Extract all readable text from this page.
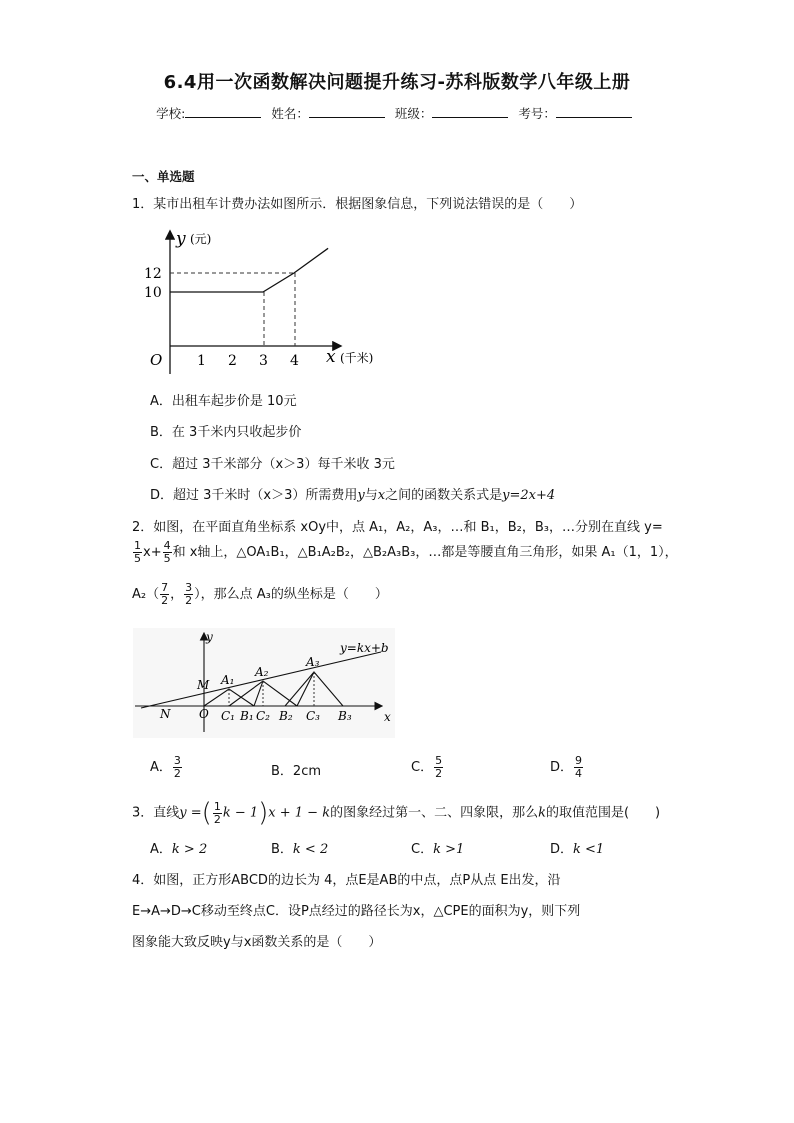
6.4用一次函数解决问题提升练习-苏科版数学八年级上册
学校:	姓名：	班级：	考号：
一、单选题
1．某市出租车计费办法如图所示．根据图象信息，下列说法错误的是（　　）
y (元)
12
10
O 1 2 3 4 x (千米)
A．出租车起步价是 10元
B．在 3千米内只收起步价
C．超过 3千米部分（x＞3）每千米收 3元
D．超过 3千米时（x＞3）所需费用y与x之间的函数关系式是y=2x+4
2．如图，在平面直角坐标系 xOy中，点 A₁，A₂，A₃，…和 B₁，B₂，B₃，…分别在直线 y=
$\frac{1}{5} x+ \frac{4}{5}$ 和 x轴上，△OA₁B₁，△B₁A₂B₂，△B₂A₃B₃，…都是等腰直角三角形，如果 A₁（1，1），
$A_2( \frac{7}{2}$ ， $\frac{3}{2}$ ），那么点 A₃的纵坐标是（　　）
y
x
y=kx+b
M
N O
A₁
A₂
A₃
C₁ B₁ C₂ B₂ C₃ B₃
A． $\frac{3}{2}$	B．2cm	C． $\frac{5}{2}$	D． $\frac{9}{4}$
3．直线y =( $\frac{1}{2}$ k − 1)x + 1 − k的图象经过第一、二、四象限，那么k的取值范围是(　　)
A．k > 2	B．k < 2	C．k >1	D．k <1
4．如图，正方形ABCD的边长为 4，点E是AB的中点，点P从点 E出发，沿
E→A→D→C移动至终点C．设P点经过的路径长为x，△CPE的面积为y，则下列
图象能大致反映y与x函数关系的是（　　）
